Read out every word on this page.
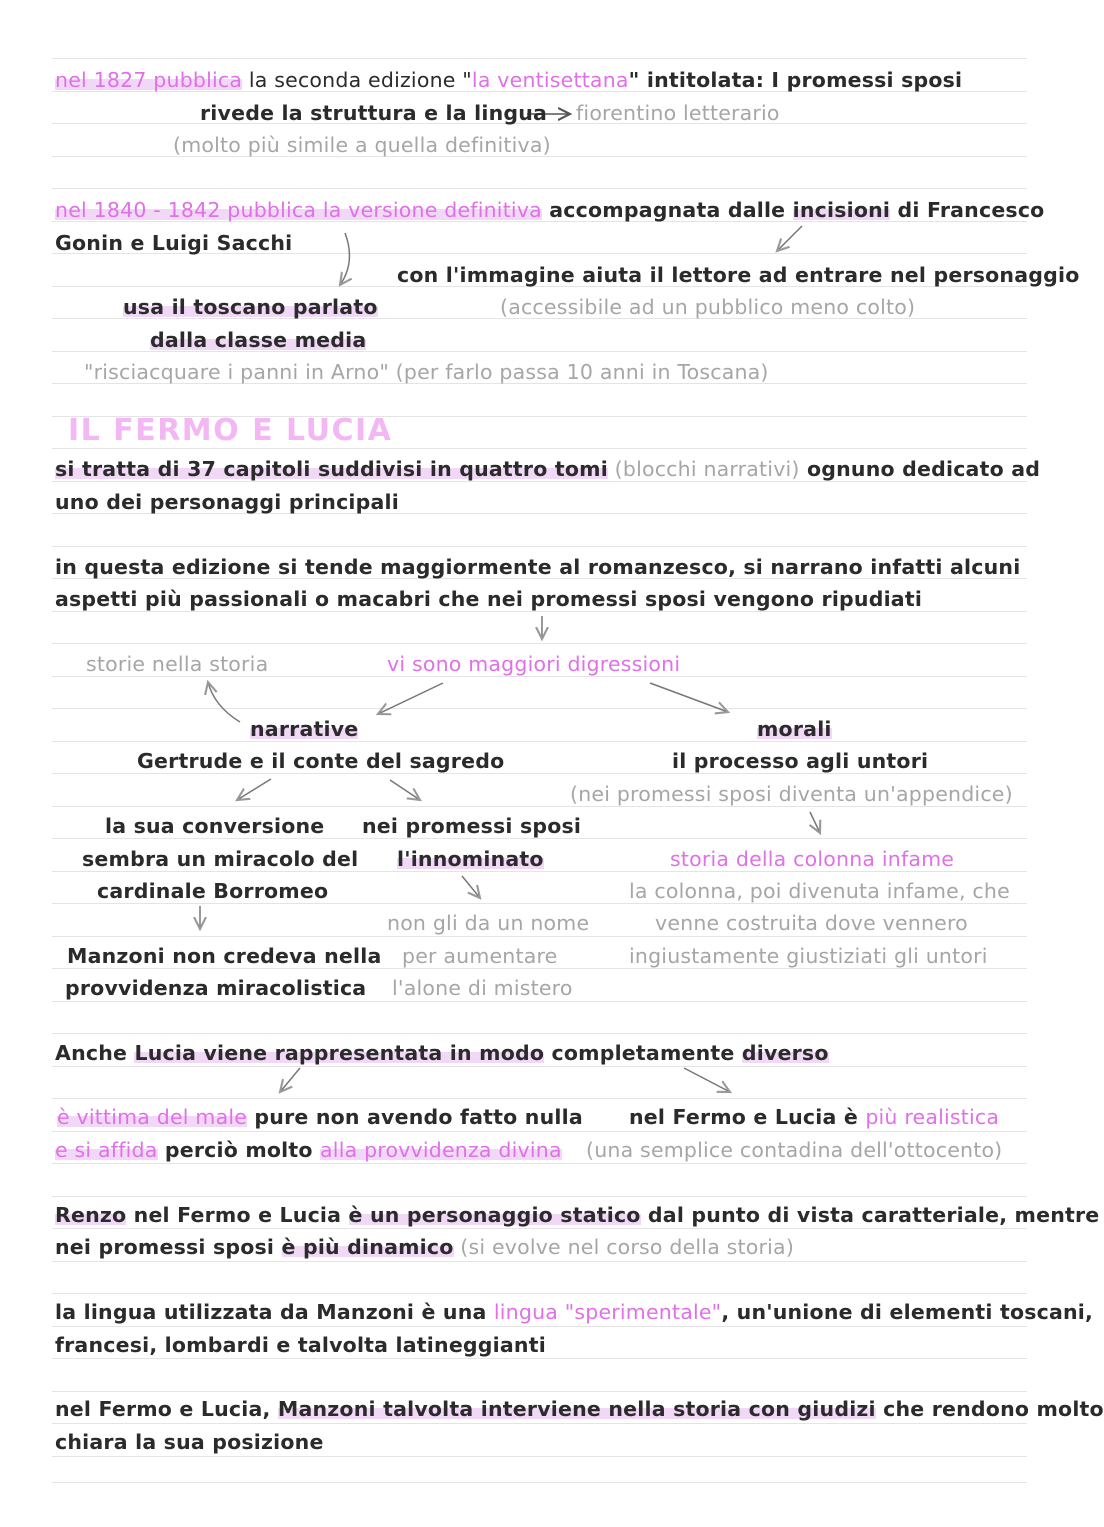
nel 1827 pubblica la seconda edizione "la ventisettana" intitolata: I promessi sposi
rivede la struttura e la lingua fiorentino letterario
(molto più simile a quella definitiva)
nel 1840 - 1842 pubblica la versione definitiva accompagnata dalle incisioni di Francesco
Gonin e Luigi Sacchi
con l'immagine aiuta il lettore ad entrare nel personaggio
(accessibile ad un pubblico meno colto)
usa il toscano parlato
dalla classe media
"risciacquare i panni in Arno" (per farlo passa 10 anni in Toscana)
IL FERMO E LUCIA
si tratta di 37 capitoli suddivisi in quattro tomi (blocchi narrativi) ognuno dedicato ad
uno dei personaggi principali
in questa edizione si tende maggiormente al romanzesco, si narrano infatti alcuni
aspetti più passionali o macabri che nei promessi sposi vengono ripudiati
storie nella storia	vi sono maggiori digressioni
narrative	morali
Gertrude e il conte del sagredo	il processo agli untori
(nei promessi sposi diventa un'appendice)
la sua conversione
sembra un miracolo del
cardinale Borromeo
nei promessi sposi
l'innominato	storia della colonna infame
la colonna, poi divenuta infame, che
venne costruita dove vennero
ingiustamente giustiziati gli untori
non gli da un nome
per aumentare
l'alone di mistero
Manzoni non credeva nella
provvidenza miracolistica
Anche Lucia viene rappresentata in modo completamente diverso
è vittima del male pure non avendo fatto nulla
e si affida perciò molto alla provvidenza divina
nel Fermo e Lucia è più realistica
(una semplice contadina dell'ottocento)
Renzo nel Fermo e Lucia è un personaggio statico dal punto di vista caratteriale, mentre
nei promessi sposi è più dinamico (si evolve nel corso della storia)
la lingua utilizzata da Manzoni è una lingua "sperimentale", un'unione di elementi toscani,
francesi, lombardi e talvolta latineggianti
nel Fermo e Lucia, Manzoni talvolta interviene nella storia con giudizi che rendono molto
chiara la sua posizione
